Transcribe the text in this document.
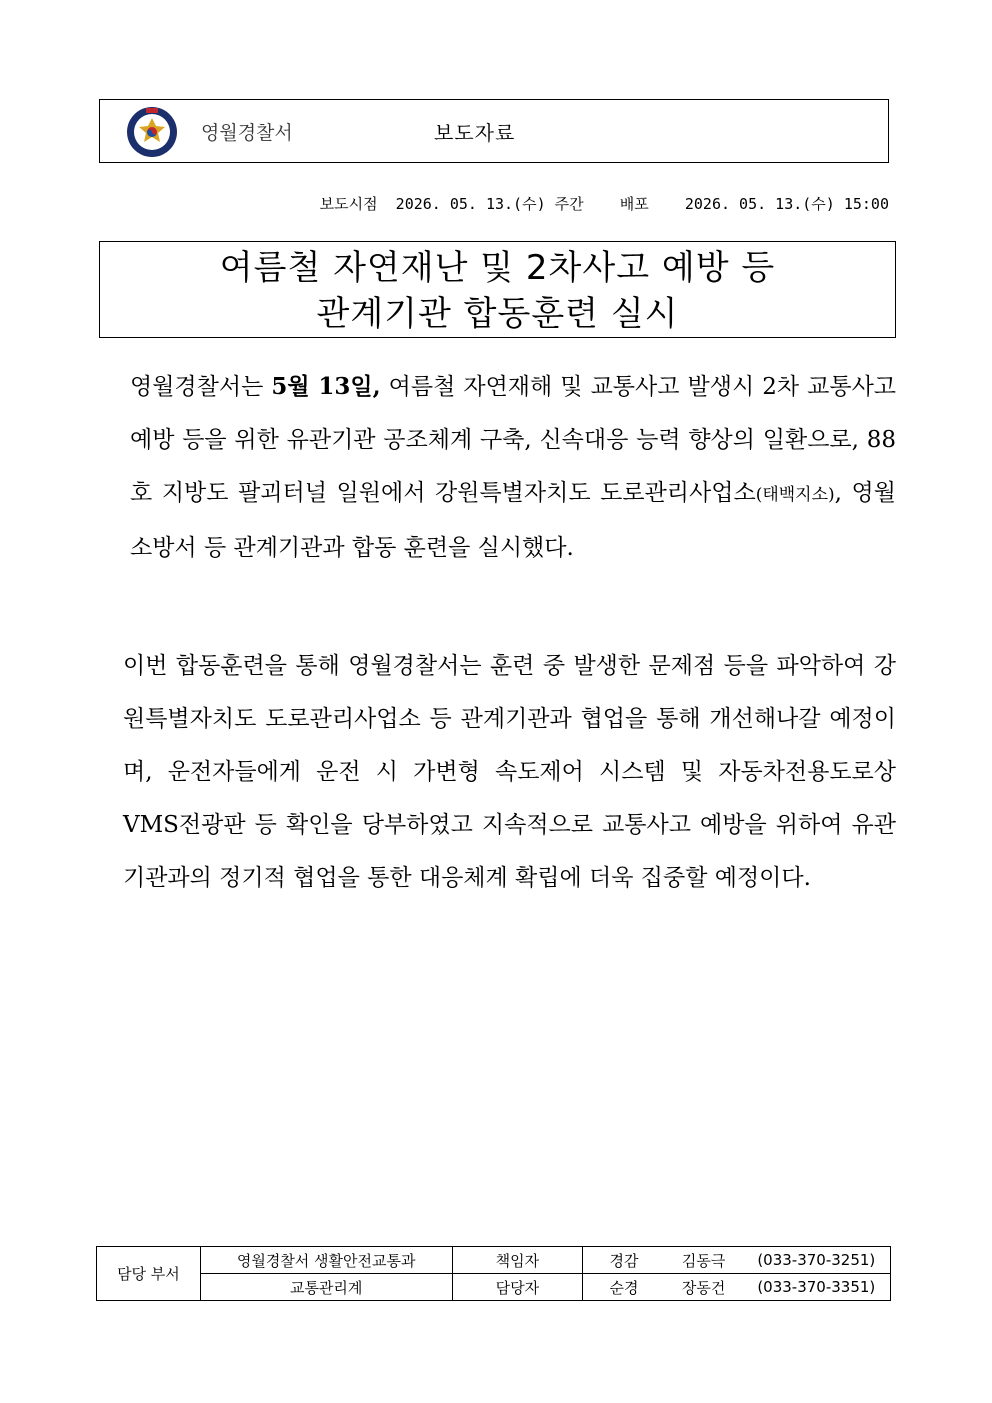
영월경찰서	보도자료
보도시점  2026. 05. 13.(수) 주간    배포    2026. 05. 13.(수) 15:00
여름철 자연재난 및 2차사고 예방 등
관계기관 합동훈련 실시
영월경찰서는 5월 13일, 여름철 자연재해 및 교통사고 발생시 2차 교통사고 예방 등을 위한 유관기관 공조체계 구축, 신속대응 능력 향상의 일환으로, 88호 지방도 팔괴터널 일원에서 강원특별자치도 도로관리사업소(태백지소), 영월소방서 등 관계기관과 합동 훈련을 실시했다.
이번 합동훈련을 통해 영월경찰서는 훈련 중 발생한 문제점 등을 파악하여 강원특별자치도 도로관리사업소 등 관계기관과 협업을 통해 개선해나갈 예정이며, 운전자들에게 운전 시 가변형 속도제어 시스템 및 자동차전용도로상 VMS전광판 등 확인을 당부하였고 지속적으로 교통사고 예방을 위하여 유관기관과의 정기적 협업을 통한 대응체계 확립에 더욱 집중할 예정이다.
담당 부서	영월경찰서 생활안전교통과	책임자	경감	김동극	(033-370-3251)
	교통관리계	담당자	순경	장동건	(033-370-3351)
